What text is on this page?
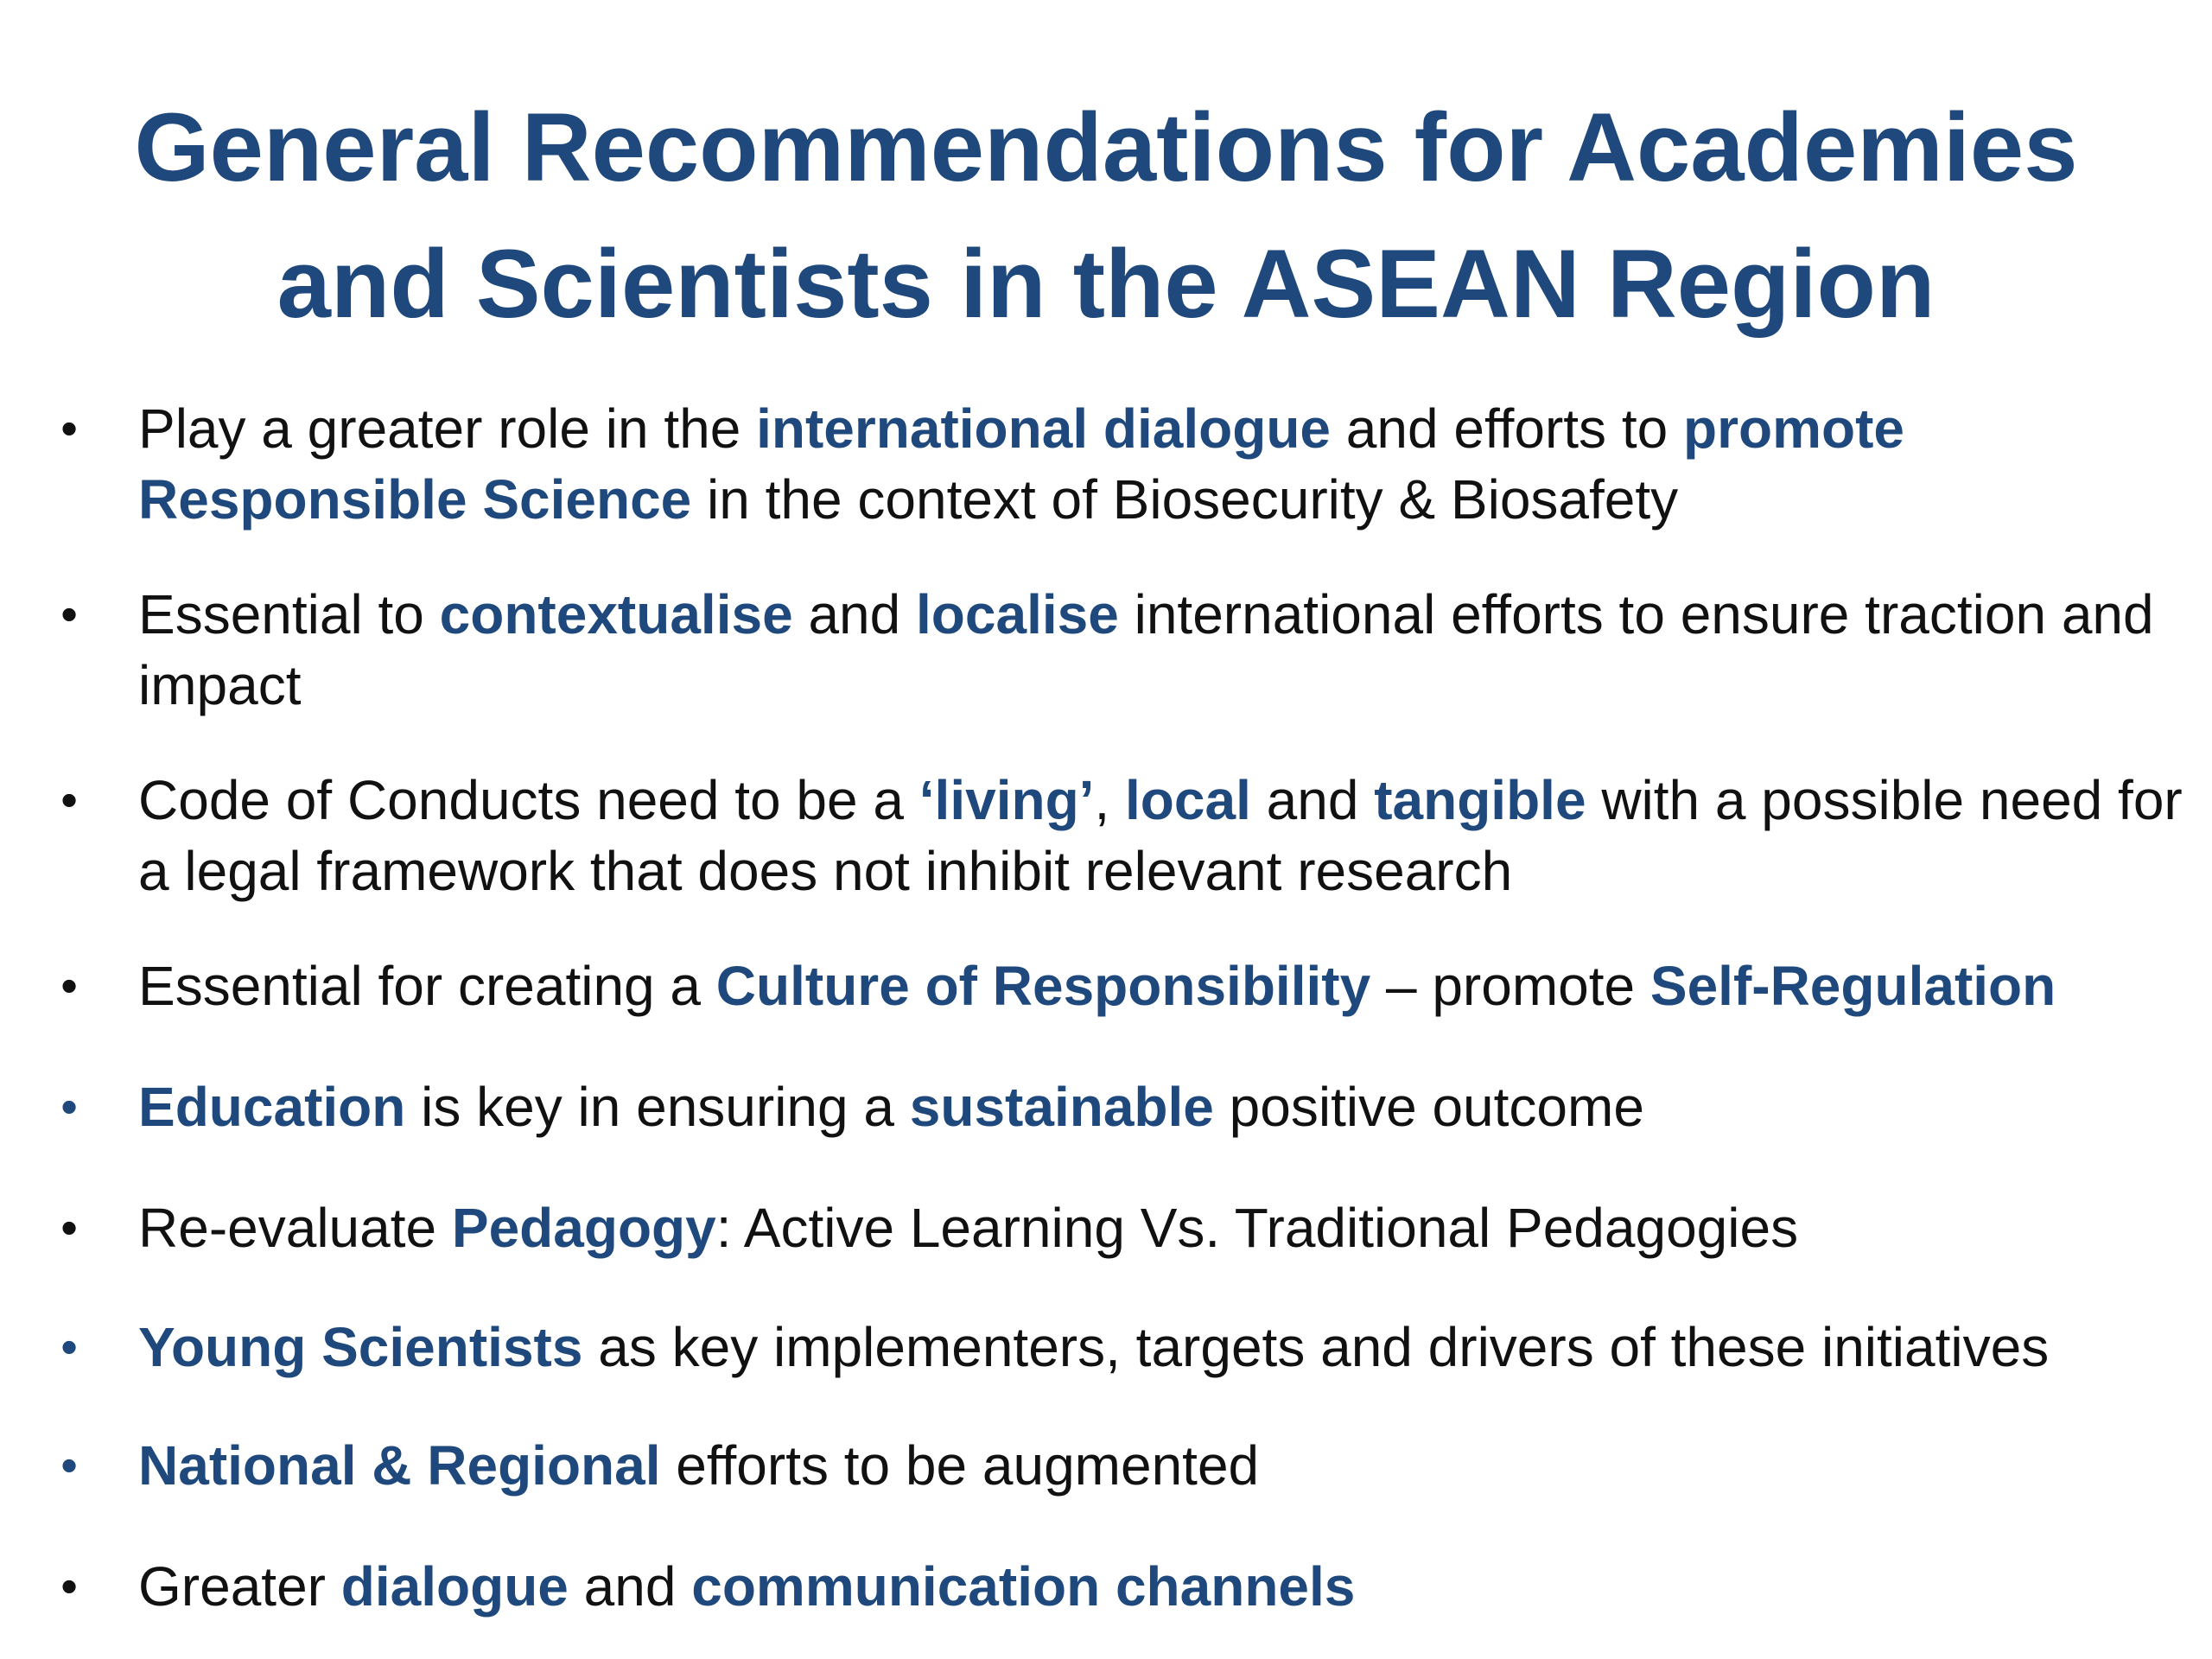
General Recommendations for Academies
and Scientists in the ASEAN Region
• Play a greater role in the international dialogue and efforts to promote Responsible Science in the context of Biosecurity & Biosafety
• Essential to contextualise and localise international efforts to ensure traction and impact
• Code of Conducts need to be a ‘living’, local and tangible with a possible need for a legal framework that does not inhibit relevant research
• Essential for creating a Culture of Responsibility – promote Self-Regulation
• Education is key in ensuring a sustainable positive outcome
• Re-evaluate Pedagogy: Active Learning Vs. Traditional Pedagogies
• Young Scientists as key implementers, targets and drivers of these initiatives
• National & Regional efforts to be augmented
• Greater dialogue and communication channels
